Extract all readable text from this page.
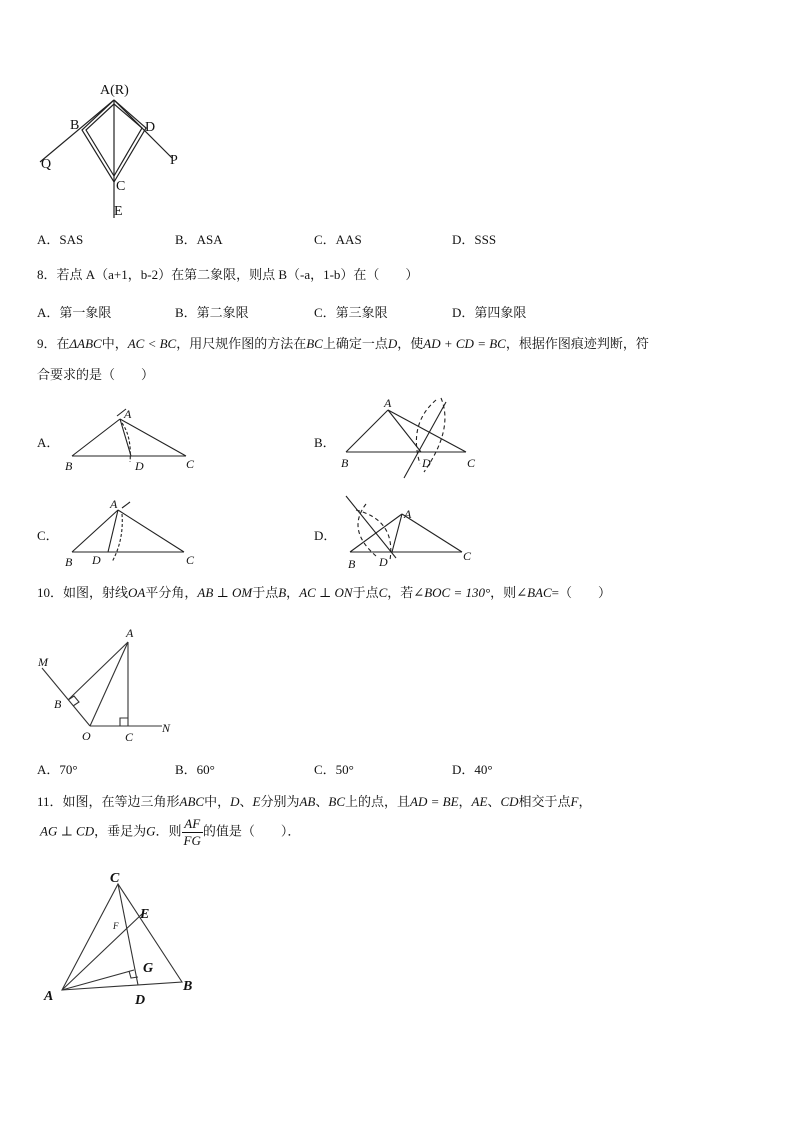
A(R)
B	D
Q	P
C
E
A．SAS	B．ASA	C．AAS	D．SSS
8．若点 A（a+1，b-2）在第二象限，则点 B（-a，1-b）在（　　）
A．第一象限	B．第二象限	C．第三象限	D．第四象限
9．在ΔABC中，AC < BC，用尺规作图的方法在BC上确定一点D，使AD + CD = BC，根据作图痕迹判断，符
合要求的是（　　）
A．
A
B	D	C
B．
A
B	D	C
C．
A
B D	C
D．
A
B D	C
10．如图，射线OA平分角，AB ⊥ OM于点B，AC ⊥ ON于点C，若∠BOC = 130°，则∠BAC=（　　）
A
M
B
O	C
N
A．70°	B．60°	C．50°	D．40°
11．如图，在等边三角形ABC中，D、E分别为AB、BC上的点，且AD = BE，AE、CD相交于点F，
AG ⊥ CD，垂足为G．则 $\frac{AF}{FG}$ 的值是（　　）．
C
E
F
G
A	D
B
